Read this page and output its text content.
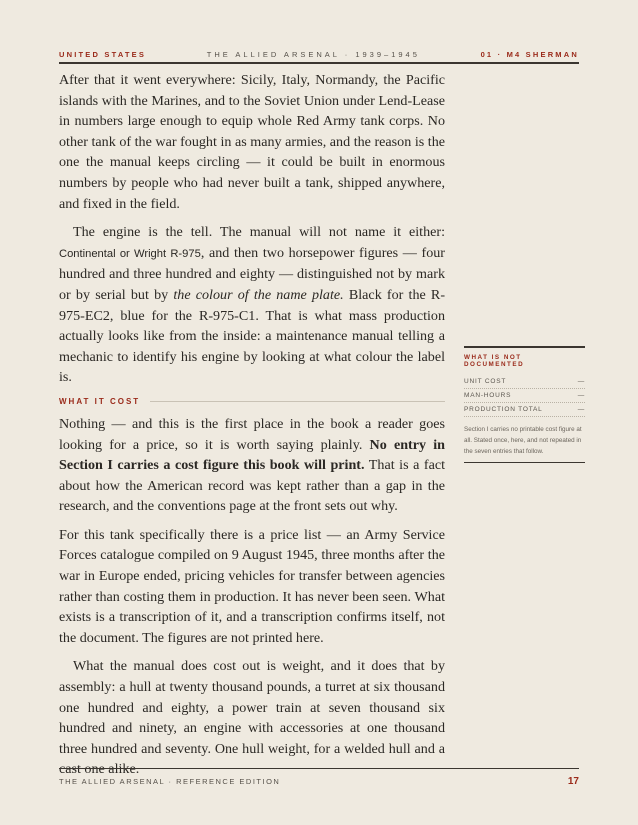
UNITED STATES	THE ALLIED ARSENAL · 1939–1945	01 · M4 SHERMAN

After that it went everywhere: Sicily, Italy, Normandy, the Pacific islands with the Marines, and to the Soviet Union under Lend-Lease in numbers large enough to equip whole Red Army tank corps. No other tank of the war fought in as many armies, and the reason is the one the manual keeps circling — it could be built in enormous numbers by people who had never built a tank, shipped anywhere, and fixed in the field.

The engine is the tell. The manual will not name it either: Continental or Wright R-975, and then two horsepower figures — four hundred and three hundred and eighty — distinguished not by mark or by serial but by the colour of the name plate. Black for the R-975-EC2, blue for the R-975-C1. That is what mass production actually looks like from the inside: a maintenance manual telling a mechanic to identify his engine by looking at what colour the label is.

WHAT IT COST

Nothing — and this is the first place in the book a reader goes looking for a price, so it is worth saying plainly. No entry in Section I carries a cost figure this book will print. That is a fact about how the American record was kept rather than a gap in the research, and the conventions page at the front sets out why.

For this tank specifically there is a price list — an Army Service Forces catalogue compiled on 9 August 1945, three months after the war in Europe ended, pricing vehicles for transfer between agencies rather than costing them in production. It has never been seen. What exists is a transcription of it, and a transcription confirms itself, not the document. The figures are not printed here.

What the manual does cost out is weight, and it does that by assembly: a hull at twenty thousand pounds, a turret at six thousand one hundred and eighty, a power train at seven thousand six hundred and ninety, an engine with accessories at one thousand three hundred and seventy. One hull weight, for a welded hull and a cast one alike.

WHAT IS NOT DOCUMENTED
UNIT COST	—
MAN-HOURS	—
PRODUCTION TOTAL	—
Section I carries no printable cost figure at all. Stated once, here, and not repeated in the seven entries that follow.
THE ALLIED ARSENAL · REFERENCE EDITION	17
